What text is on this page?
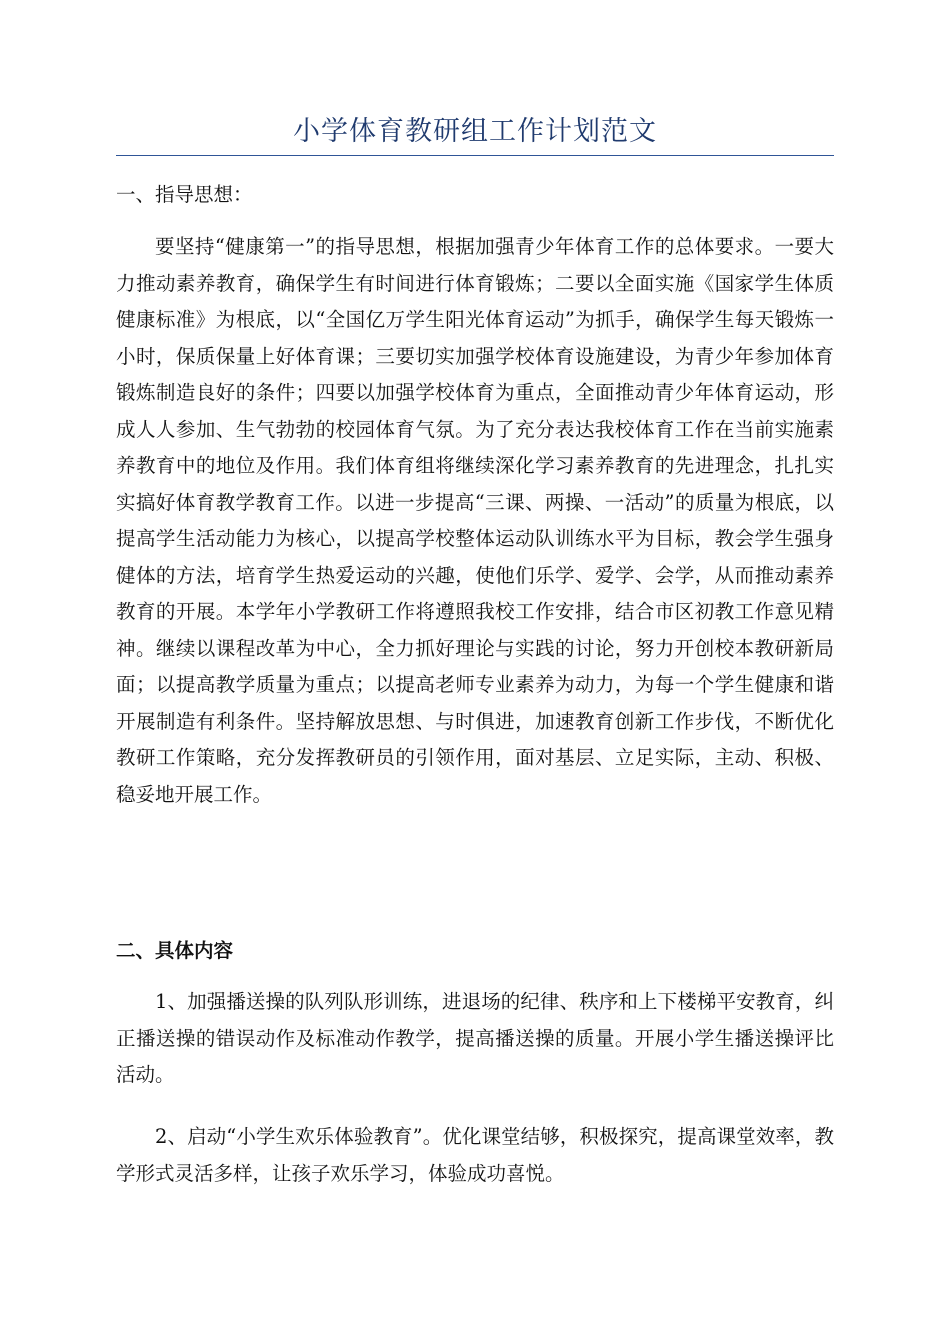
小学体育教研组工作计划范文
一、指导思想：
要坚持“健康第一”的指导思想，根据加强青少年体育工作的总体要求。一要大力推动素养教育，确保学生有时间进行体育锻炼；二要以全面实施《国家学生体质健康标准》为根底，以“全国亿万学生阳光体育运动”为抓手，确保学生每天锻炼一小时，保质保量上好体育课；三要切实加强学校体育设施建设，为青少年参加体育锻炼制造良好的条件；四要以加强学校体育为重点，全面推动青少年体育运动，形成人人参加、生气勃勃的校园体育气氛。为了充分表达我校体育工作在当前实施素养教育中的地位及作用。我们体育组将继续深化学习素养教育的先进理念，扎扎实实搞好体育教学教育工作。以进一步提高“三课、两操、一活动”的质量为根底，以提高学生活动能力为核心，以提高学校整体运动队训练水平为目标，教会学生强身健体的方法，培育学生热爱运动的兴趣，使他们乐学、爱学、会学，从而推动素养教育的开展。本学年小学教研工作将遵照我校工作安排，结合市区初教工作意见精神。继续以课程改革为中心，全力抓好理论与实践的讨论，努力开创校本教研新局面；以提高教学质量为重点；以提高老师专业素养为动力，为每一个学生健康和谐开展制造有利条件。坚持解放思想、与时俱进，加速教育创新工作步伐，不断优化教研工作策略，充分发挥教研员的引领作用，面对基层、立足实际，主动、积极、稳妥地开展工作。
二、具体内容
1、加强播送操的队列队形训练，进退场的纪律、秩序和上下楼梯平安教育，纠正播送操的错误动作及标准动作教学，提高播送操的质量。开展小学生播送操评比活动。
2、启动“小学生欢乐体验教育”。优化课堂结够，积极探究，提高课堂效率，教学形式灵活多样，让孩子欢乐学习，体验成功喜悦。
